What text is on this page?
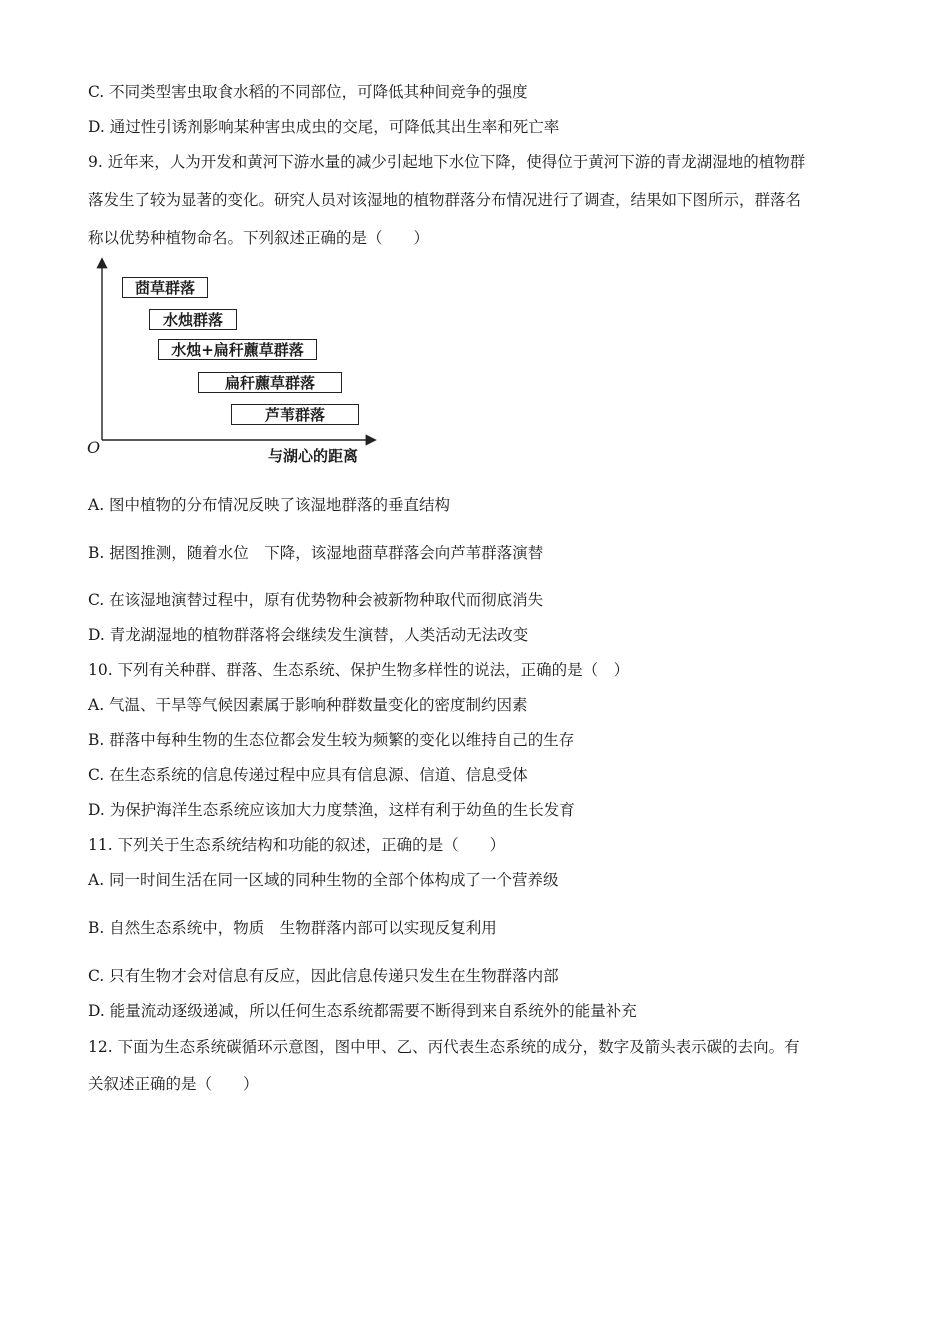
C. 不同类型害虫取食水稻的不同部位，可降低其种间竞争的强度
D. 通过性引诱剂影响某种害虫成虫的交尾，可降低其出生率和死亡率
9. 近年来，人为开发和黄河下游水量的减少引起地下水位下降，使得位于黄河下游的青龙湖湿地的植物群
落发生了较为显著的变化。研究人员对该湿地的植物群落分布情况进行了调查，结果如下图所示，群落名
称以优势种植物命名。下列叙述正确的是（　　）
莔草群落
水烛群落
水烛+扁秆藨草群落
扁秆藨草群落
芦苇群落
O	与湖心的距离
A. 图中植物的分布情况反映了该湿地群落的垂直结构
B. 据图推测，随着水位　下降，该湿地莔草群落会向芦苇群落演替
C. 在该湿地演替过程中，原有优势物种会被新物种取代而彻底消失
D. 青龙湖湿地的植物群落将会继续发生演替，人类活动无法改变
10. 下列有关种群、群落、生态系统、保护生物多样性的说法，正确的是（　）
A. 气温、干旱等气候因素属于影响种群数量变化的密度制约因素
B. 群落中每种生物的生态位都会发生较为频繁的变化以维持自己的生存
C. 在生态系统的信息传递过程中应具有信息源、信道、信息受体
D. 为保护海洋生态系统应该加大力度禁渔，这样有利于幼鱼的生长发育
11. 下列关于生态系统结构和功能的叙述，正确的是（　　）
A. 同一时间生活在同一区域的同种生物的全部个体构成了一个营养级
B. 自然生态系统中，物质　生物群落内部可以实现反复利用
C. 只有生物才会对信息有反应，因此信息传递只发生在生物群落内部
D. 能量流动逐级递减，所以任何生态系统都需要不断得到来自系统外的能量补充
12. 下面为生态系统碳循环示意图，图中甲、乙、丙代表生态系统的成分，数字及箭头表示碳的去向。有
关叙述正确的是（　　）
